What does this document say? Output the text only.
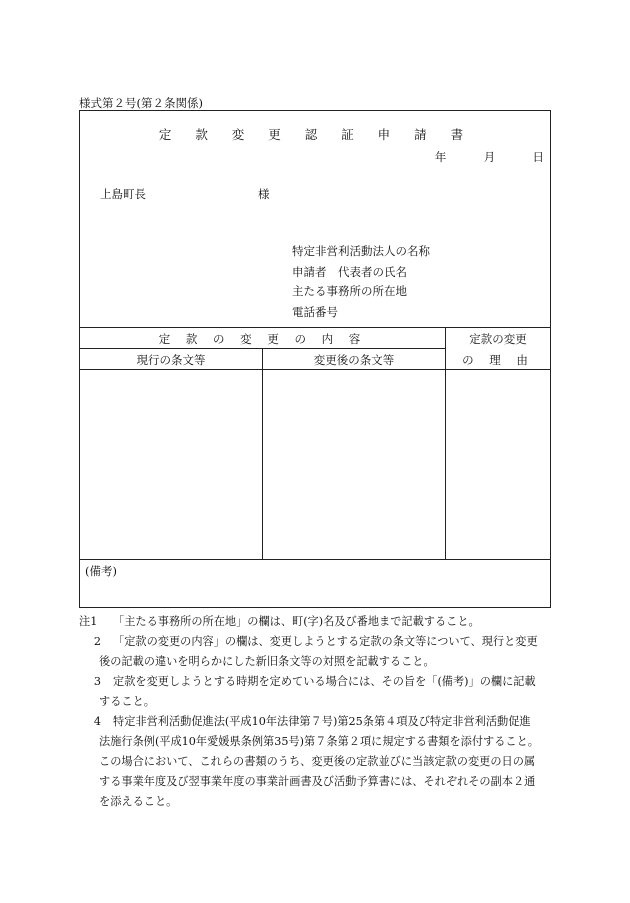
様式第２号(第２条関係)
定 款 変 更 認 証 申 請 書
年	月	日
上島町長	様
特定非営利活動法人の名称
申請者　代表者の氏名
主たる事務所の所在地
電話番号
定 款 の 変 更 の 内 容	定款の変更
の 理 由
現行の条文等	変更後の条文等
(備考)
注1	「主たる事務所の所在地」の欄は、町(字)名及び番地まで記載すること。
2 「定款の変更の内容」の欄は、変更しようとする定款の条文等について、現行と変更
後の記載の違いを明らかにした新旧条文等の対照を記載すること。
3 定款を変更しようとする時期を定めている場合には、その旨を「(備考)」の欄に記載
すること。
4 特定非営利活動促進法(平成10年法律第７号)第25条第４項及び特定非営利活動促進
法施行条例(平成10年愛媛県条例第35号)第７条第２項に規定する書類を添付すること。
この場合において、これらの書類のうち、変更後の定款並びに当該定款の変更の日の属
する事業年度及び翌事業年度の事業計画書及び活動予算書には、それぞれその副本２通
を添えること。
